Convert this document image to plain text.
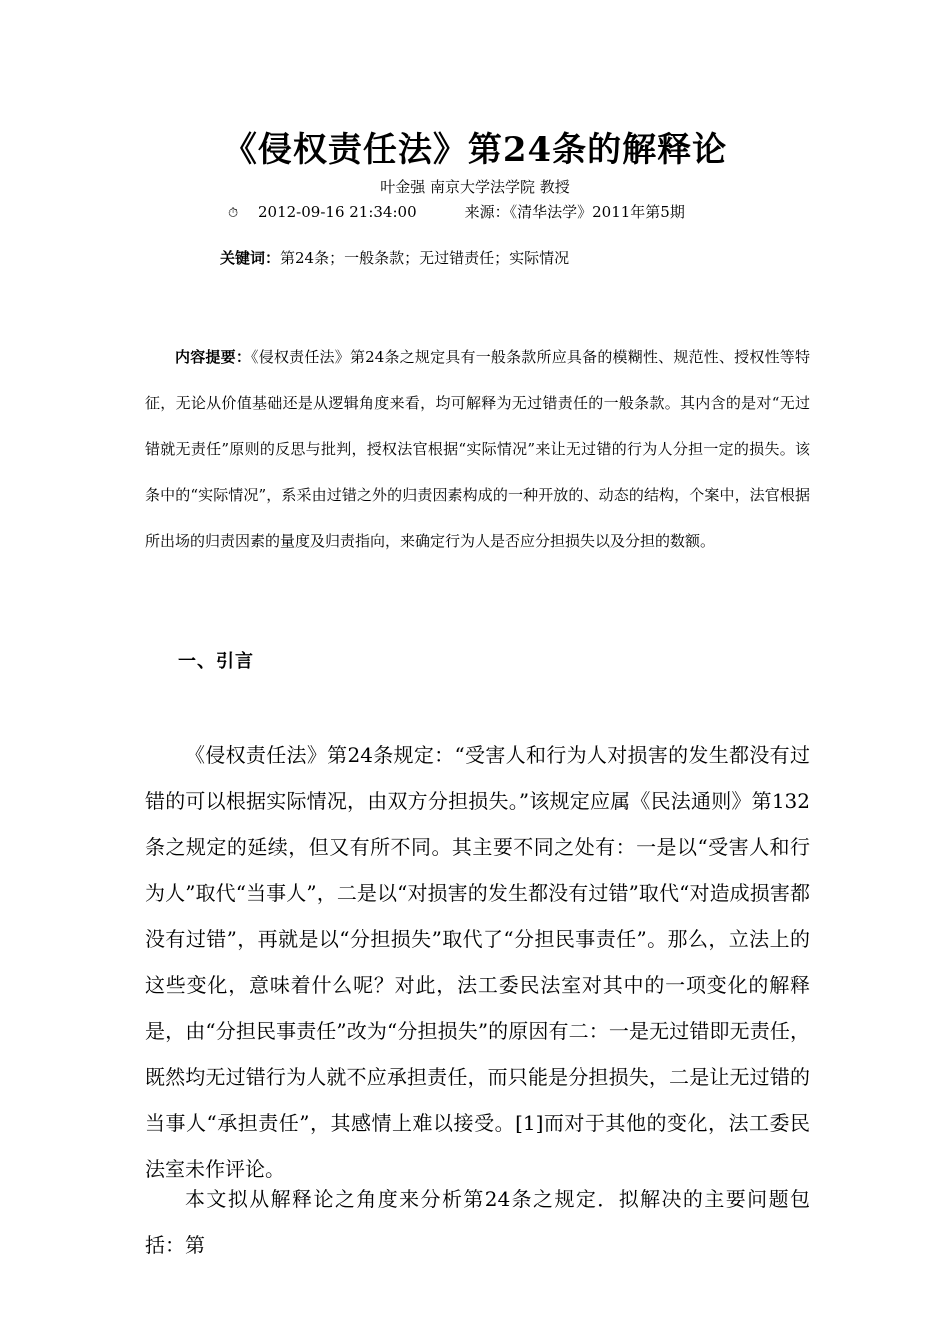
《侵权责任法》第24条的解释论
叶金强 南京大学法学院 教授
⏱ 2012-09-16 21:34:00	来源：《清华法学》2011年第5期
关键词：第24条；一般条款；无过错责任；实际情况

内容提要：《侵权责任法》第24条之规定具有一般条款所应具备的模糊性、规范性、授权性等特征，无论从价值基础还是从逻辑角度来看，均可解释为无过错责任的一般条款。其内含的是对“无过错就无责任”原则的反思与批判，授权法官根据“实际情况”来让无过错的行为人分担一定的损失。该条中的“实际情况”，系采由过错之外的归责因素构成的一种开放的、动态的结构，个案中，法官根据所出场的归责因素的量度及归责指向，来确定行为人是否应分担损失以及分担的数额。

一、引言

《侵权责任法》第24条规定：“受害人和行为人对损害的发生都没有过错的可以根据实际情况，由双方分担损失。”该规定应属《民法通则》第132条之规定的延续，但又有所不同。其主要不同之处有：一是以“受害人和行为人”取代“当事人”，二是以“对损害的发生都没有过错”取代“对造成损害都没有过错”，再就是以“分担损失”取代了“分担民事责任”。那么，立法上的这些变化，意味着什么呢？对此，法工委民法室对其中的一项变化的解释是，由“分担民事责任”改为“分担损失”的原因有二：一是无过错即无责任，既然均无过错行为人就不应承担责任，而只能是分担损失，二是让无过错的当事人“承担责任”，其感情上难以接受。[1]而对于其他的变化，法工委民法室未作评论。

本文拟从解释论之角度来分析第24条之规定．拟解决的主要问题包括：第
